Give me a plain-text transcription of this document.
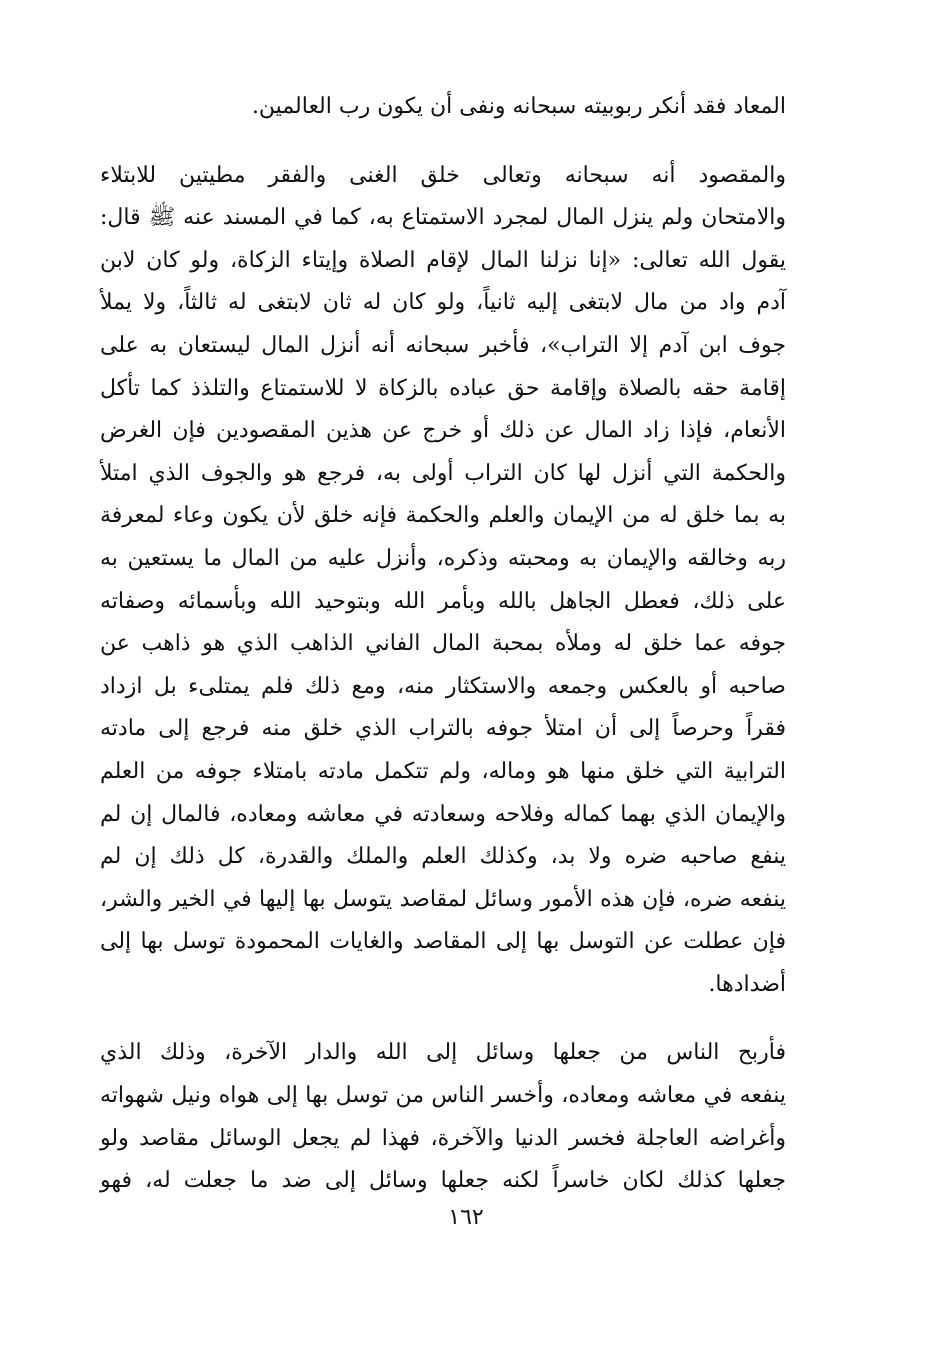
المعاد فقد أنكر ربوبيته سبحانه ونفى أن يكون رب العالمين.
والمقصود أنه سبحانه وتعالى خلق الغنى والفقر مطيتين للابتلاء
والامتحان ولم ينزل المال لمجرد الاستمتاع به، كما في المسند عنه ﷺ قال:
يقول الله تعالى: «إنا نزلنا المال لإقام الصلاة وإيتاء الزكاة، ولو كان لابن
آدم واد من مال لابتغى إليه ثانياً، ولو كان له ثان لابتغى له ثالثاً، ولا يملأ
جوف ابن آدم إلا التراب»، فأخبر سبحانه أنه أنزل المال ليستعان به على
إقامة حقه بالصلاة وإقامة حق عباده بالزكاة لا للاستمتاع والتلذذ كما تأكل
الأنعام، فإذا زاد المال عن ذلك أو خرج عن هذين المقصودين فإن الغرض
والحكمة التي أنزل لها كان التراب أولى به، فرجع هو والجوف الذي امتلأ
به بما خلق له من الإيمان والعلم والحكمة فإنه خلق لأن يكون وعاء لمعرفة
ربه وخالقه والإيمان به ومحبته وذكره، وأنزل عليه من المال ما يستعين به
على ذلك، فعطل الجاهل بالله وبأمر الله وبتوحيد الله وبأسمائه وصفاته
جوفه عما خلق له وملأه بمحبة المال الفاني الذاهب الذي هو ذاهب عن
صاحبه أو بالعكس وجمعه والاستكثار منه، ومع ذلك فلم يمتلىء بل ازداد
فقراً وحرصاً إلى أن امتلأ جوفه بالتراب الذي خلق منه فرجع إلى مادته
الترابية التي خلق منها هو وماله، ولم تتكمل مادته بامتلاء جوفه من العلم
والإيمان الذي بهما كماله وفلاحه وسعادته في معاشه ومعاده، فالمال إن لم
ينفع صاحبه ضره ولا بد، وكذلك العلم والملك والقدرة، كل ذلك إن لم
ينفعه ضره، فإن هذه الأمور وسائل لمقاصد يتوسل بها إليها في الخير والشر،
فإن عطلت عن التوسل بها إلى المقاصد والغايات المحمودة توسل بها إلى
أضدادها.
فأربح الناس من جعلها وسائل إلى الله والدار الآخرة، وذلك الذي
ينفعه في معاشه ومعاده، وأخسر الناس من توسل بها إلى هواه ونيل شهواته
وأغراضه العاجلة فخسر الدنيا والآخرة، فهذا لم يجعل الوسائل مقاصد ولو
جعلها كذلك لكان خاسراً لكنه جعلها وسائل إلى ضد ما جعلت له، فهو
١٦٢
